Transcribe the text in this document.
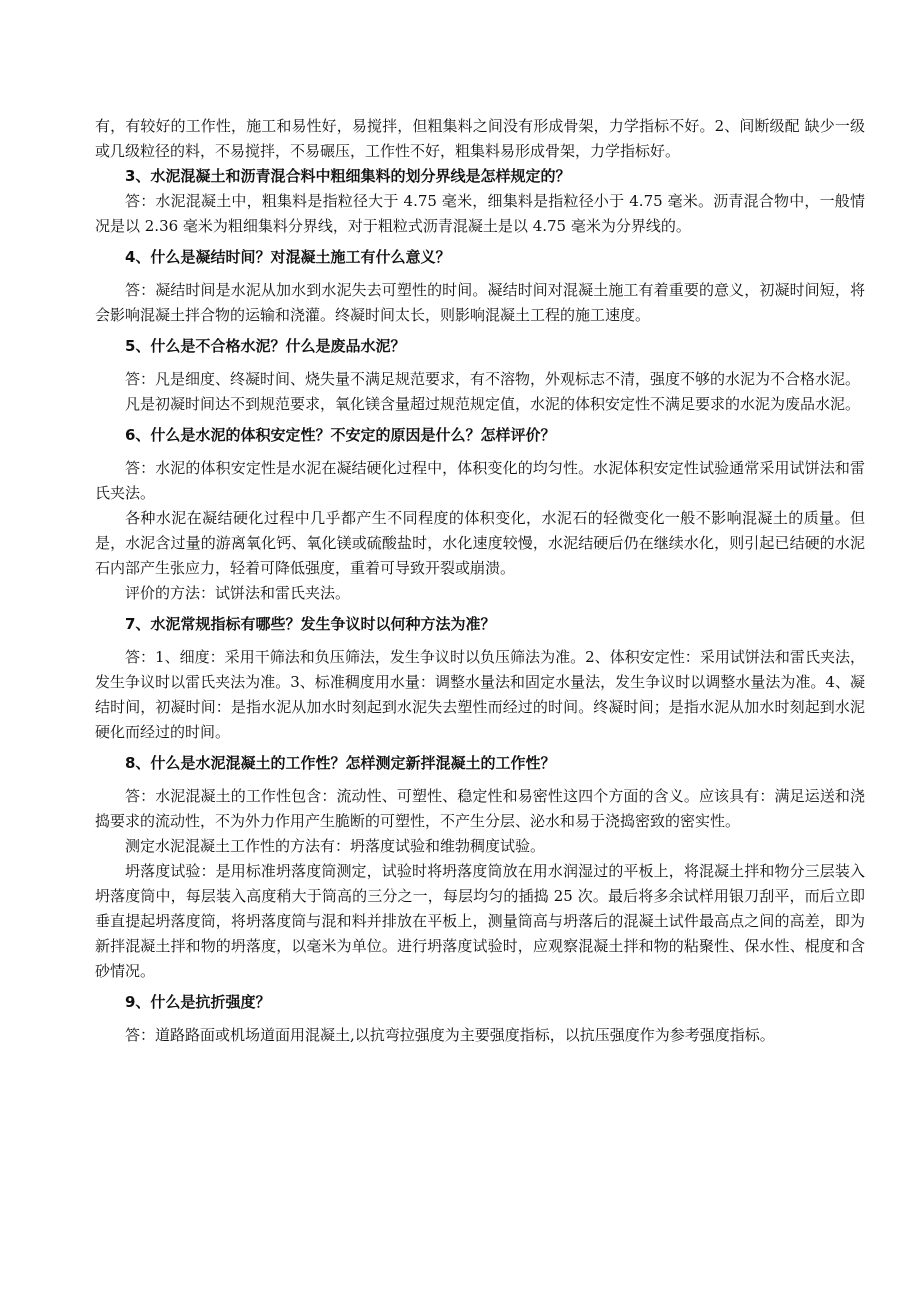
有，有较好的工作性，施工和易性好，易搅拌，但粗集料之间没有形成骨架，力学指标不好。2、间断级配 缺少一级或几级粒径的料，不易搅拌，不易碾压，工作性不好，粗集料易形成骨架，力学指标好。

3、水泥混凝土和沥青混合料中粗细集料的划分界线是怎样规定的？

答：水泥混凝土中，粗集料是指粒径大于 4.75 毫米，细集料是指粒径小于 4.75 毫米。沥青混合物中，一般情况是以 2.36 毫米为粗细集料分界线，对于粗粒式沥青混凝土是以 4.75 毫米为分界线的。

4、什么是凝结时间？对混凝土施工有什么意义？

答：凝结时间是水泥从加水到水泥失去可塑性的时间。凝结时间对混凝土施工有着重要的意义，初凝时间短，将会影响混凝土拌合物的运输和浇灌。终凝时间太长，则影响混凝土工程的施工速度。

5、什么是不合格水泥？什么是废品水泥？

答：凡是细度、终凝时间、烧失量不满足规范要求，有不溶物，外观标志不清，强度不够的水泥为不合格水泥。

凡是初凝时间达不到规范要求，氧化镁含量超过规范规定值，水泥的体积安定性不满足要求的水泥为废品水泥。

6、什么是水泥的体积安定性？不安定的原因是什么？怎样评价？

答：水泥的体积安定性是水泥在凝结硬化过程中，体积变化的均匀性。水泥体积安定性试验通常采用试饼法和雷氏夹法。

各种水泥在凝结硬化过程中几乎都产生不同程度的体积变化，水泥石的轻微变化一般不影响混凝土的质量。但是，水泥含过量的游离氧化钙、氧化镁或硫酸盐时，水化速度较慢，水泥结硬后仍在继续水化，则引起已结硬的水泥石内部产生张应力，轻着可降低强度，重着可导致开裂或崩溃。

评价的方法：试饼法和雷氏夹法。

7、水泥常规指标有哪些？发生争议时以何种方法为准？

答：1、细度：采用干筛法和负压筛法，发生争议时以负压筛法为准。2、体积安定性：采用试饼法和雷氏夹法，发生争议时以雷氏夹法为准。3、标准稠度用水量：调整水量法和固定水量法，发生争议时以调整水量法为准。4、凝结时间，初凝时间：是指水泥从加水时刻起到水泥失去塑性而经过的时间。终凝时间；是指水泥从加水时刻起到水泥硬化而经过的时间。

8、什么是水泥混凝土的工作性？怎样测定新拌混凝土的工作性？

答：水泥混凝土的工作性包含：流动性、可塑性、稳定性和易密性这四个方面的含义。应该具有：满足运送和浇捣要求的流动性，不为外力作用产生脆断的可塑性，不产生分层、泌水和易于浇捣密致的密实性。

测定水泥混凝土工作性的方法有：坍落度试验和维勃稠度试验。

坍落度试验：是用标准坍落度筒测定，试验时将坍落度筒放在用水润湿过的平板上，将混凝土拌和物分三层装入坍落度筒中，每层装入高度稍大于筒高的三分之一，每层均匀的插捣 25 次。最后将多余试样用银刀刮平，而后立即垂直提起坍落度筒，将坍落度筒与混和料并排放在平板上，测量筒高与坍落后的混凝土试件最高点之间的高差，即为新拌混凝土拌和物的坍落度，以毫米为单位。进行坍落度试验时，应观察混凝土拌和物的粘聚性、保水性、棍度和含砂情况。

9、什么是抗折强度？

答：道路路面或机场道面用混凝土,以抗弯拉强度为主要强度指标，以抗压强度作为参考强度指标。
